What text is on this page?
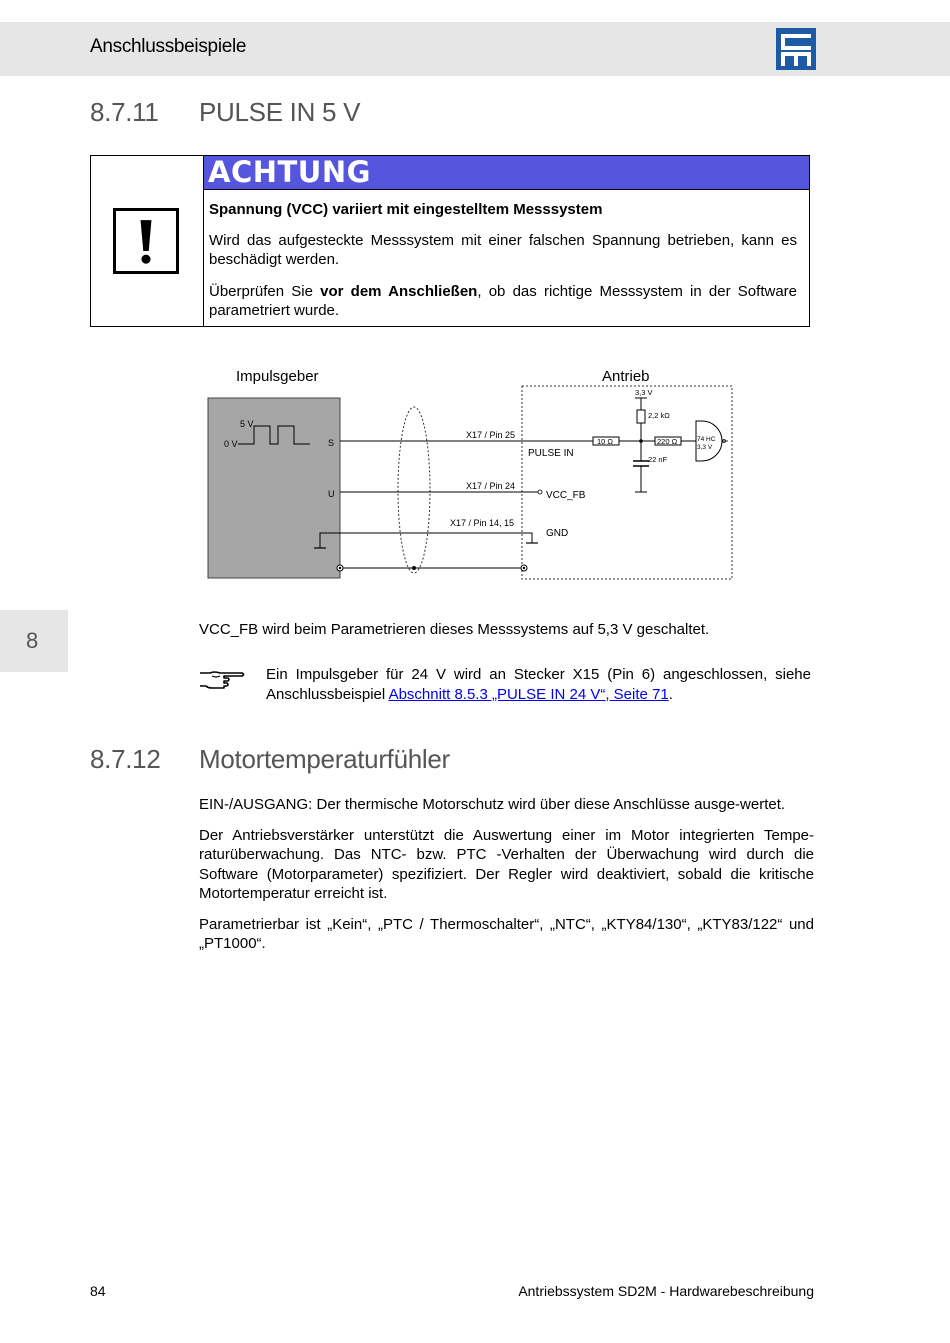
Anschlussbeispiele
8.7.11 PULSE IN 5 V
ACHTUNG

Spannung (VCC) variiert mit eingestelltem Messsystem

Wird das aufgesteckte Messsystem mit einer falschen Spannung betrieben, kann es beschädigt werden.

Überprüfen Sie vor dem Anschließen, ob das richtige Messsystem in der Software parametriert wurde.

Impulsgeber	Antrieb
5 V
0 V	S
U
X17 / Pin 25
X17 / Pin 24
X17 / Pin 14, 15
PULSE IN
VCC_FB
GND
10 Ω
3,3 V
2,2 kΩ
22 nF
220 Ω	74 HC
3,3 V
8	VCC_FB wird beim Parametrieren dieses Messsystems auf 5,3 V geschaltet.

Ein Impulsgeber für 24 V wird an Stecker X15 (Pin 6) angeschlossen, siehe Anschlussbeispiel Abschnitt 8.5.3 „PULSE IN 24 V“, Seite 71.
8.7.12 Motortemperaturfühler

EIN-/AUSGANG: Der thermische Motorschutz wird über diese Anschlüsse ausge-wertet.

Der Antriebsverstärker unterstützt die Auswertung einer im Motor integrierten Tempe-raturüberwachung. Das NTC- bzw. PTC -Verhalten der Überwachung wird durch die Software (Motorparameter) spezifiziert. Der Regler wird deaktiviert, sobald die kritische Motortemperatur erreicht ist.

Parametrierbar ist „Kein“, „PTC / Thermoschalter“, „NTC“, „KTY84/130“, „KTY83/122“ und „PT1000“.

84	Antriebssystem SD2M - Hardwarebeschreibung
